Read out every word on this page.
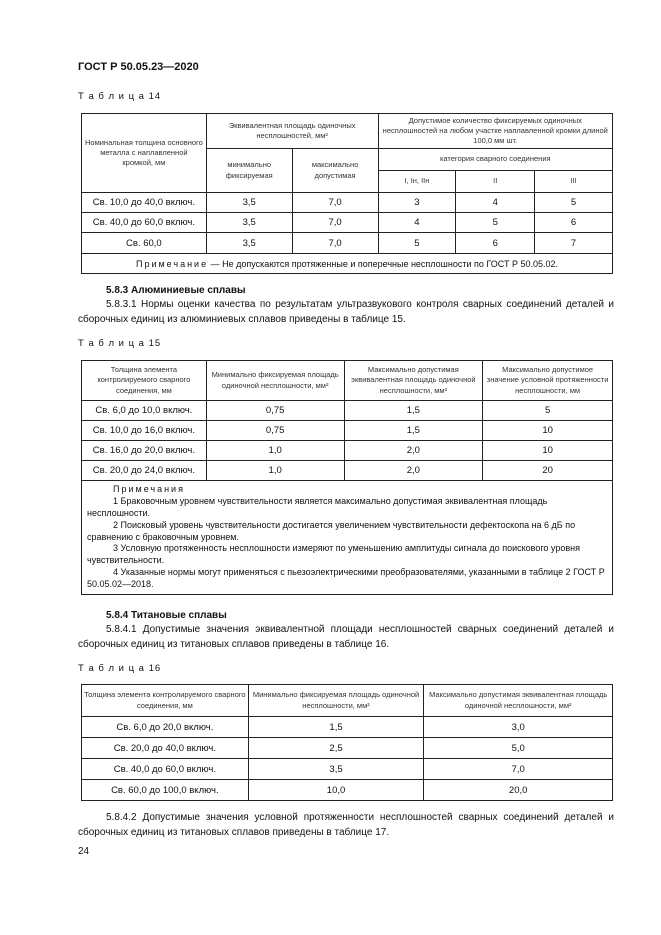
ГОСТ Р 50.05.23—2020
Т а б л и ц а 14
Номинальная толщина основного металла с наплавленной кромкой, мм	Эквивалентная площадь одиночных несплошностей, мм²		Допустимое количество фиксируемых одиночных несплошностей на любом участке наплавленной кромки длиной 100,0 мм шт.		
	минимально фиксируемая	максимально допустимая	категория сварного соединения		
			I, Iн, IIн	II	III
Св. 10,0 до 40,0 включ.	3,5	7,0	3	4	5
Св. 40,0 до 60,0 включ.	3,5	7,0	4	5	6
Св. 60,0	3,5	7,0	5	6	7
Примечание — Не допускаются протяженные и поперечные несплошности по ГОСТ Р 50.05.02.					
5.8.3 Алюминиевые сплавы

5.8.3.1 Нормы оценки качества по результатам ультразвукового контроля сварных соединений деталей и сборочных единиц из алюминиевых сплавов приведены в таблице 15.

Т а б л и ц а 15
Толщина элемента контролируемого сварного соединения, мм	Минимально фиксируемая площадь одиночной несплошности, мм²	Максимально допустимая эквивалентная площадь одиночной несплошности, мм²	Максимально допустимое значение условной протяженности несплошности, мм
Св. 6,0 до 10,0 включ.	0,75	1,5	5
Св. 10,0 до 16,0 включ.	0,75	1,5	10
Св. 16,0 до 20,0 включ.	1,0	2,0	10
Св. 20,0 до 24,0 включ.	1,0	2,0	20

Примечания

1 Браковочным уровнем чувствительности является максимально допустимая эквивалентная площадь несплошности.

2 Поисковый уровень чувствительности достигается увеличением чувствительности дефектоскопа на 6 дБ по сравнению с браковочным уровнем.

3 Условную протяженность несплошности измеряют по уменьшению амплитуды сигнала до поискового уровня чувствительности.

4 Указанные нормы могут применяться с пьезоэлектрическими преобразователями, указанными в таблице 2 ГОСТ Р 50.05.02—2018.			

5.8.4 Титановые сплавы

5.8.4.1 Допустимые значения эквивалентной площади несплошностей сварных соединений деталей и сборочных единиц из титановых сплавов приведены в таблице 16.

Т а б л и ц а 16
Толщина элемента контролируемого сварного соединения, мм	Минимально фиксируемая площадь одиночной несплошности, мм²	Максимально допустимая эквивалентная площадь одиночной несплошности, мм²
Св. 6,0 до 20,0 включ.	1,5	3,0
Св. 20,0 до 40,0 включ.	2,5	5,0
Св. 40,0 до 60,0 включ.	3,5	7,0
Св. 60,0 до 100,0 включ.	10,0	20,0

5.8.4.2 Допустимые значения условной протяженности несплошностей сварных соединений деталей и сборочных единиц из титановых сплавов приведены в таблице 17.

24
